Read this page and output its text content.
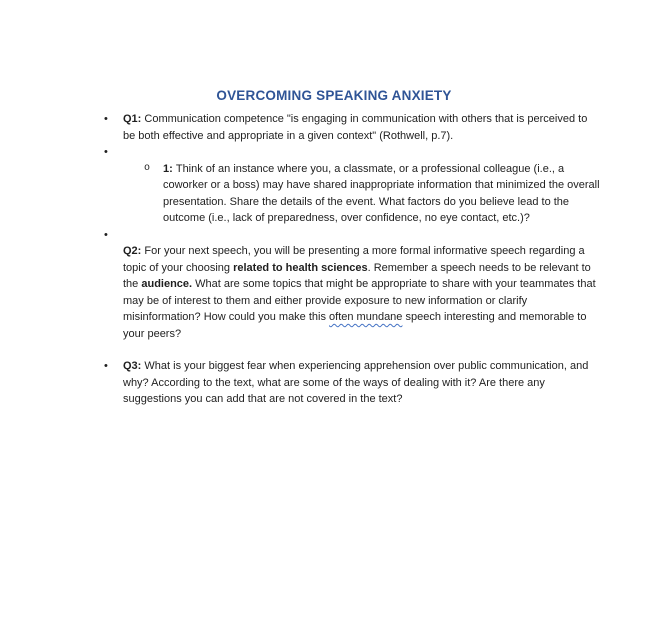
OVERCOMING SPEAKING ANXIETY
•	Q1: Communication competence "is engaging in communication with others that is perceived to be both effective and appropriate in a given context" (Rothwell, p.7).
•

o	1: Think of an instance where you, a classmate, or a professional colleague (i.e., a coworker or a boss) may have shared inappropriate information that minimized the overall presentation. Share the details of the event. What factors do you believe lead to the outcome (i.e., lack of preparedness, over confidence, no eye contact, etc.)?
•

Q2: For your next speech, you will be presenting a more formal informative speech regarding a topic of your choosing related to health sciences. Remember a speech needs to be relevant to the audience. What are some topics that might be appropriate to share with your teammates that may be of interest to them and either provide exposure to new information or clarify misinformation? How could you make this often mundane speech interesting and memorable to your peers?
•	Q3: What is your biggest fear when experiencing apprehension over public communication, and why? According to the text, what are some of the ways of dealing with it? Are there any suggestions you can add that are not covered in the text?
